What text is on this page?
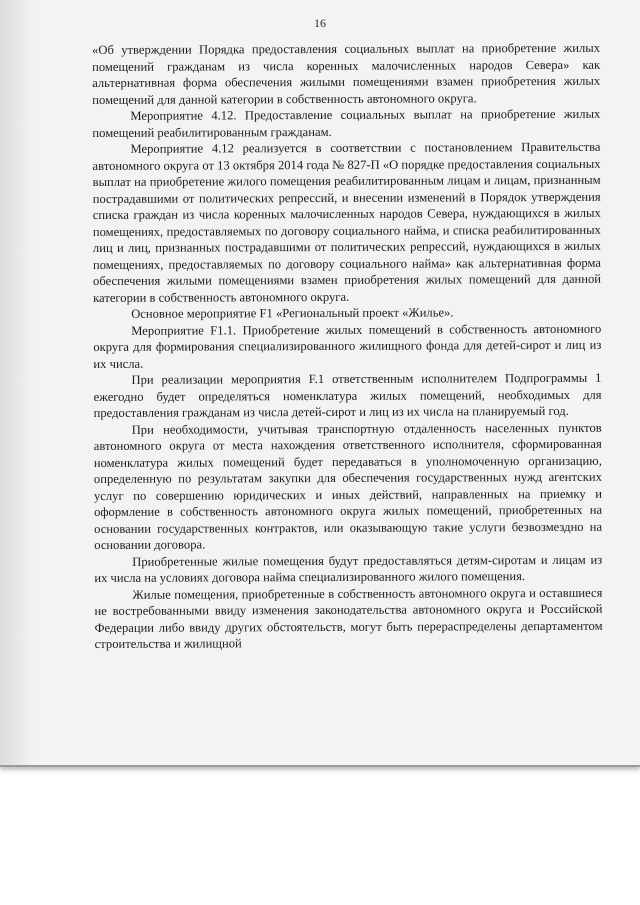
16

«Об утверждении Порядка предоставления социальных выплат на приобретение жилых помещений гражданам из числа коренных малочисленных народов Севера» как альтернативная форма обеспечения жилыми помещениями взамен приобретения жилых помещений для данной категории в собственность автономного округа.

Мероприятие 4.12. Предоставление социальных выплат на приобретение жилых помещений реабилитированным гражданам.

Мероприятие 4.12 реализуется в соответствии с постановлением Правительства автономного округа от 13 октября 2014 года № 827-П «О порядке предоставления социальных выплат на приобретение жилого помещения реабилитированным лицам и лицам, признанным пострадавшими от политических репрессий, и внесении изменений в Порядок утверждения списка граждан из числа коренных малочисленных народов Севера, нуждающихся в жилых помещениях, предоставляемых по договору социального найма, и списка реабилитированных лиц и лиц, признанных пострадавшими от политических репрессий, нуждающихся в жилых помещениях, предоставляемых по договору социального найма» как альтернативная форма обеспечения жилыми помещениями взамен приобретения жилых помещений для данной категории в собственность автономного округа.

Основное мероприятие F1 «Региональный проект «Жилье».

Мероприятие F1.1. Приобретение жилых помещений в собственность автономного округа для формирования специализированного жилищного фонда для детей-сирот и лиц из их числа.

При реализации мероприятия F.1 ответственным исполнителем Подпрограммы 1 ежегодно будет определяться номенклатура жилых помещений, необходимых для предоставления гражданам из числа детей-сирот и лиц из их числа на планируемый год.

При необходимости, учитывая транспортную отдаленность населенных пунктов автономного округа от места нахождения ответственного исполнителя, сформированная номенклатура жилых помещений будет передаваться в уполномоченную организацию, определенную по результатам закупки для обеспечения государственных нужд агентских услуг по совершению юридических и иных действий, направленных на приемку и оформление в собственность автономного округа жилых помещений, приобретенных на основании государственных контрактов, или оказывающую такие услуги безвозмездно на основании договора.

Приобретенные жилые помещения будут предоставляться детям-сиротам и лицам из их числа на условиях договора найма специализированного жилого помещения.

Жилые помещения, приобретенные в собственность автономного округа и оставшиеся не востребованными ввиду изменения законодательства автономного округа и Российской Федерации либо ввиду других обстоятельств, могут быть перераспределены департаментом строительства и жилищной
